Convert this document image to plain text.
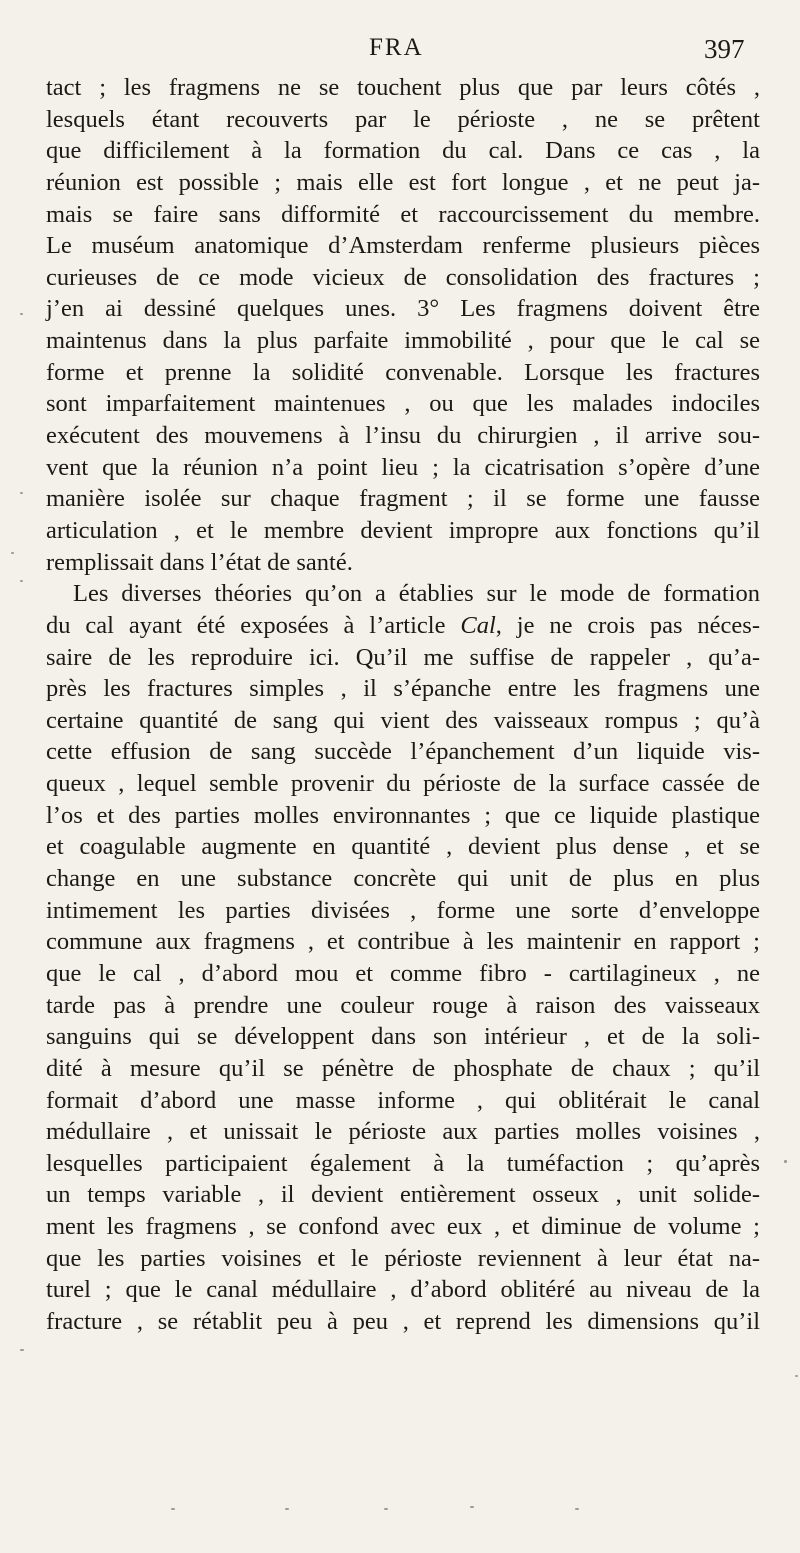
FRA	397
tact ; les fragmens ne se touchent plus que par leurs côtés ,
lesquels étant recouverts par le périoste , ne se prêtent
que difficilement à la formation du cal. Dans ce cas , la
réunion est possible ; mais elle est fort longue , et ne peut ja-
mais se faire sans difformité et raccourcissement du membre.
Le muséum anatomique d’Amsterdam renferme plusieurs pièces
curieuses de ce mode vicieux de consolidation des fractures ;
j’en ai dessiné quelques unes. 3° Les fragmens doivent être
maintenus dans la plus parfaite immobilité , pour que le cal se
forme et prenne la solidité convenable. Lorsque les fractures
sont imparfaitement maintenues , ou que les malades indociles
exécutent des mouvemens à l’insu du chirurgien , il arrive sou-
vent que la réunion n’a point lieu ; la cicatrisation s’opère d’une
manière isolée sur chaque fragment ; il se forme une fausse
articulation , et le membre devient impropre aux fonctions qu’il
remplissait dans l’état de santé.
Les diverses théories qu’on a établies sur le mode de formation
du cal ayant été exposées à l’article Cal, je ne crois pas néces-
saire de les reproduire ici. Qu’il me suffise de rappeler , qu’a-
près les fractures simples , il s’épanche entre les fragmens une
certaine quantité de sang qui vient des vaisseaux rompus ; qu’à
cette effusion de sang succède l’épanchement d’un liquide vis-
queux , lequel semble provenir du périoste de la surface cassée de
l’os et des parties molles environnantes ; que ce liquide plastique
et coagulable augmente en quantité , devient plus dense , et se
change en une substance concrète qui unit de plus en plus
intimement les parties divisées , forme une sorte d’enveloppe
commune aux fragmens , et contribue à les maintenir en rapport ;
que le cal , d’abord mou et comme fibro - cartilagineux , ne
tarde pas à prendre une couleur rouge à raison des vaisseaux
sanguins qui se développent dans son intérieur , et de la soli-
dité à mesure qu’il se pénètre de phosphate de chaux ; qu’il
formait d’abord une masse informe , qui oblitérait le canal
médullaire , et unissait le périoste aux parties molles voisines ,
lesquelles participaient également à la tuméfaction ; qu’après
un temps variable , il devient entièrement osseux , unit solide-
ment les fragmens , se confond avec eux , et diminue de volume ;
que les parties voisines et le périoste reviennent à leur état na-
turel ; que le canal médullaire , d’abord oblitéré au niveau de la
fracture , se rétablit peu à peu , et reprend les dimensions qu’il
